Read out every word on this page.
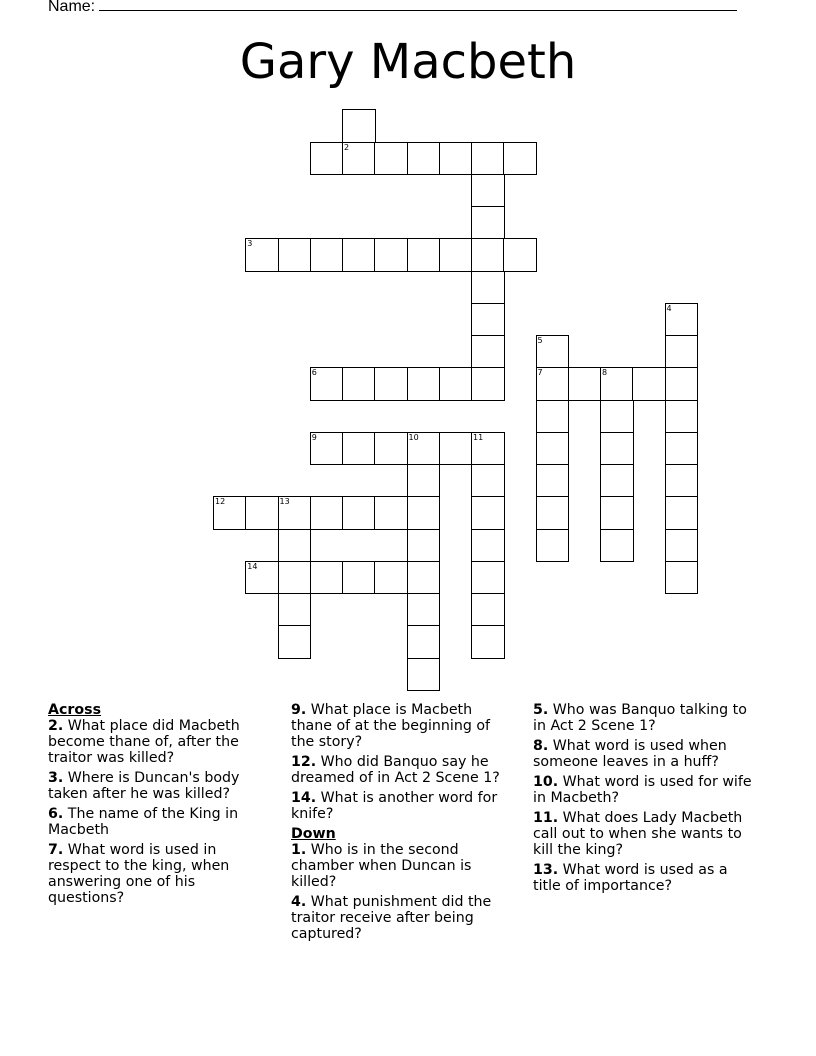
Name:
Gary Macbeth
2
3
4
5
6	7	8
9	10	11
12	13
14
Across
2. What place did Macbeth become thane of, after the traitor was killed?
3. Where is Duncan's body taken after he was killed?
6. The name of the King in Macbeth
7. What word is used in respect to the king, when answering one of his questions?
9. What place is Macbeth thane of at the beginning of the story?
12. Who did Banquo say he dreamed of in Act 2 Scene 1?
14. What is another word for knife?
Down
1. Who is in the second chamber when Duncan is killed?
4. What punishment did the traitor receive after being captured?
5. Who was Banquo talking to in Act 2 Scene 1?
8. What word is used when someone leaves in a huff?
10. What word is used for wife in Macbeth?
11. What does Lady Macbeth call out to when she wants to kill the king?
13. What word is used as a title of importance?
